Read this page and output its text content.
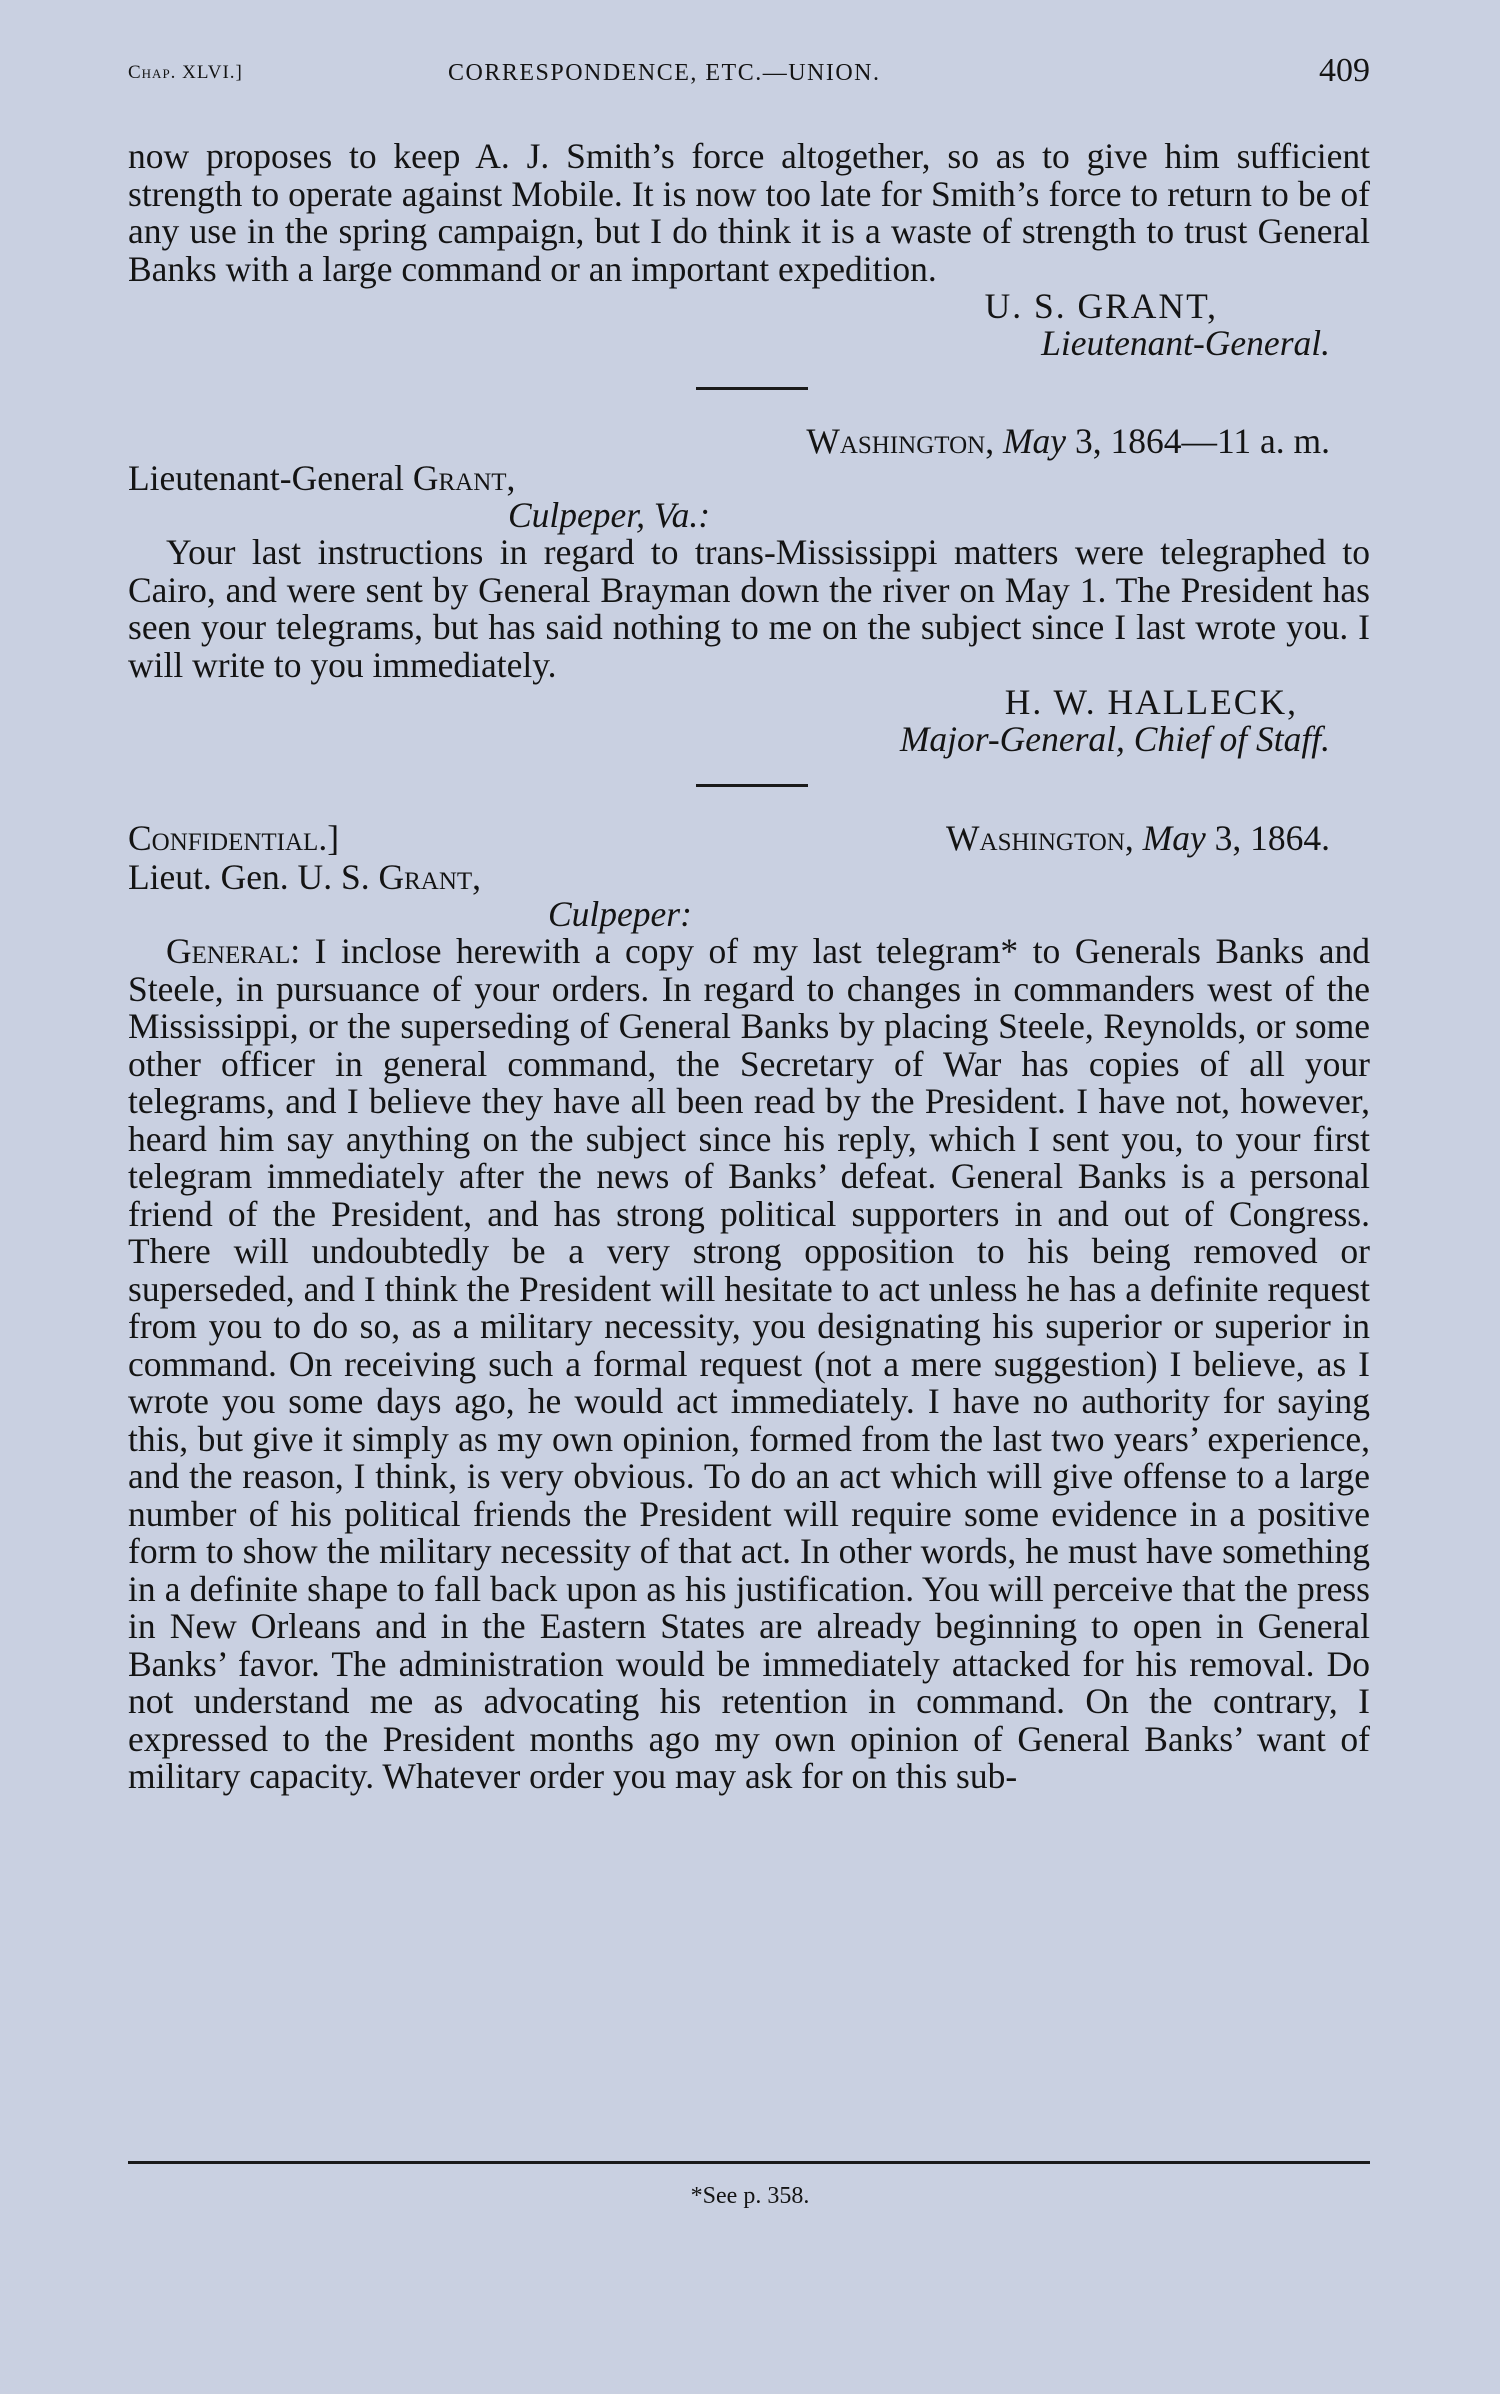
Chap. XLVI.]	CORRESPONDENCE, ETC.—UNION.	409

now proposes to keep A. J. Smith’s force altogether, so as to give him sufficient strength to operate against Mobile. It is now too late for Smith’s force to return to be of any use in the spring campaign, but I do think it is a waste of strength to trust General Banks with a large command or an important expedition.

U. S. GRANT,
Lieutenant-General.
Washington, May 3, 1864—11 a. m.
Lieutenant-General Grant,
Culpeper, Va.:

Your last instructions in regard to trans-Mississippi matters were telegraphed to Cairo, and were sent by General Brayman down the river on May 1. The President has seen your telegrams, but has said nothing to me on the subject since I last wrote you. I will write to you immediately.

H. W. HALLECK,
Major-General, Chief of Staff.
Confidential.]	Washington, May 3, 1864.
Lieut. Gen. U. S. Grant,
Culpeper:

General: I inclose herewith a copy of my last telegram* to Generals Banks and Steele, in pursuance of your orders. In regard to changes in commanders west of the Mississippi, or the superseding of General Banks by placing Steele, Reynolds, or some other officer in general command, the Secretary of War has copies of all your telegrams, and I believe they have all been read by the President. I have not, however, heard him say anything on the subject since his reply, which I sent you, to your first telegram immediately after the news of Banks’ defeat. General Banks is a personal friend of the President, and has strong political supporters in and out of Congress. There will undoubtedly be a very strong opposition to his being removed or superseded, and I think the President will hesitate to act unless he has a definite request from you to do so, as a military necessity, you designating his superior or superior in command. On receiving such a formal request (not a mere suggestion) I believe, as I wrote you some days ago, he would act immediately. I have no authority for saying this, but give it simply as my own opinion, formed from the last two years’ experience, and the reason, I think, is very obvious. To do an act which will give offense to a large number of his political friends the President will require some evidence in a positive form to show the military necessity of that act. In other words, he must have something in a definite shape to fall back upon as his justification. You will perceive that the press in New Orleans and in the Eastern States are already beginning to open in General Banks’ favor. The administration would be immediately attacked for his removal. Do not understand me as advocating his retention in command. On the contrary, I expressed to the President months ago my own opinion of General Banks’ want of military capacity. Whatever order you may ask for on this sub-

*See p. 358.
